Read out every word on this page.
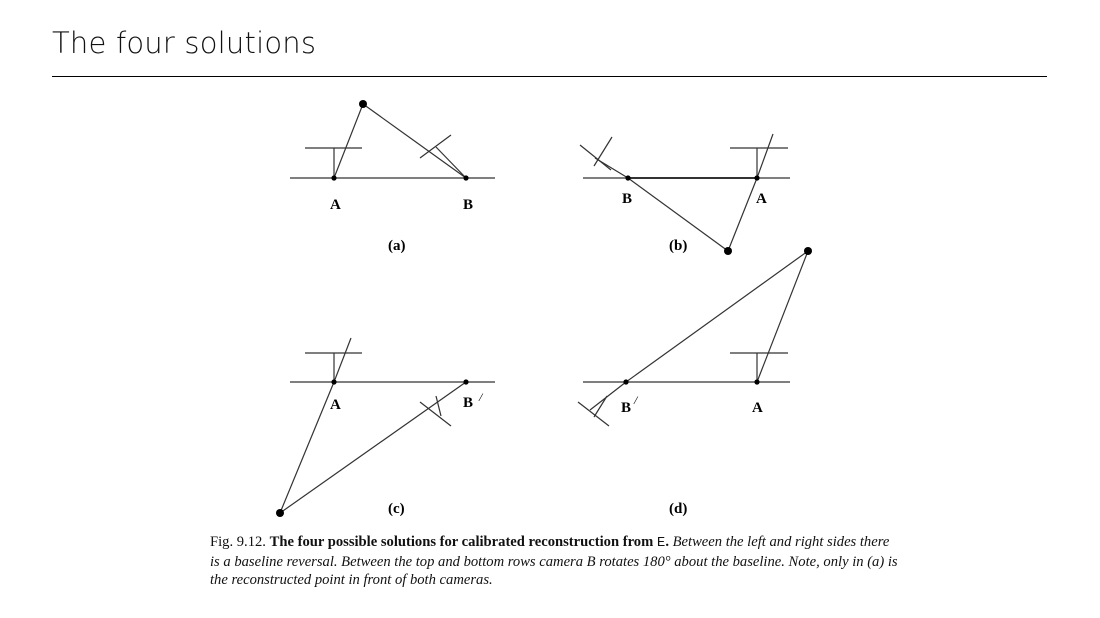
The four solutions
A	B
(a)
B	A
(b)
A	B /
(c)
B /	A
(d)
Fig. 9.12. The four possible solutions for calibrated reconstruction from E. Between the left and right sides there is a baseline reversal. Between the top and bottom rows camera B rotates 180° about the baseline. Note, only in (a) is the reconstructed point in front of both cameras.
